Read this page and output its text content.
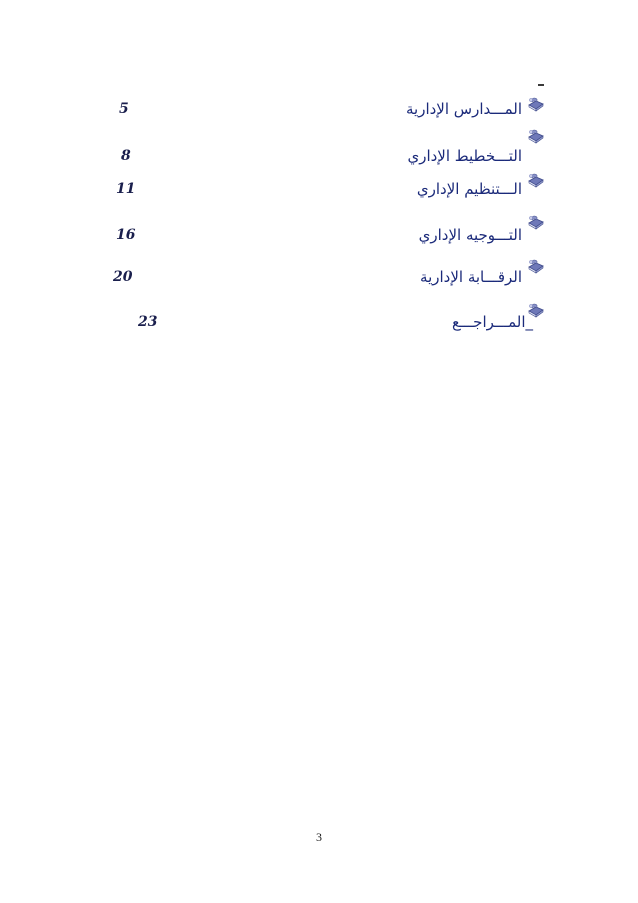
المـــدارس الإدارية
5
التـــخطيط الإداري
8
الـــتنظيم الإداري
11
التـــوجيه الإداري
16
الرقـــابة الإدارية
20
_المـــراجـــع
23
3
